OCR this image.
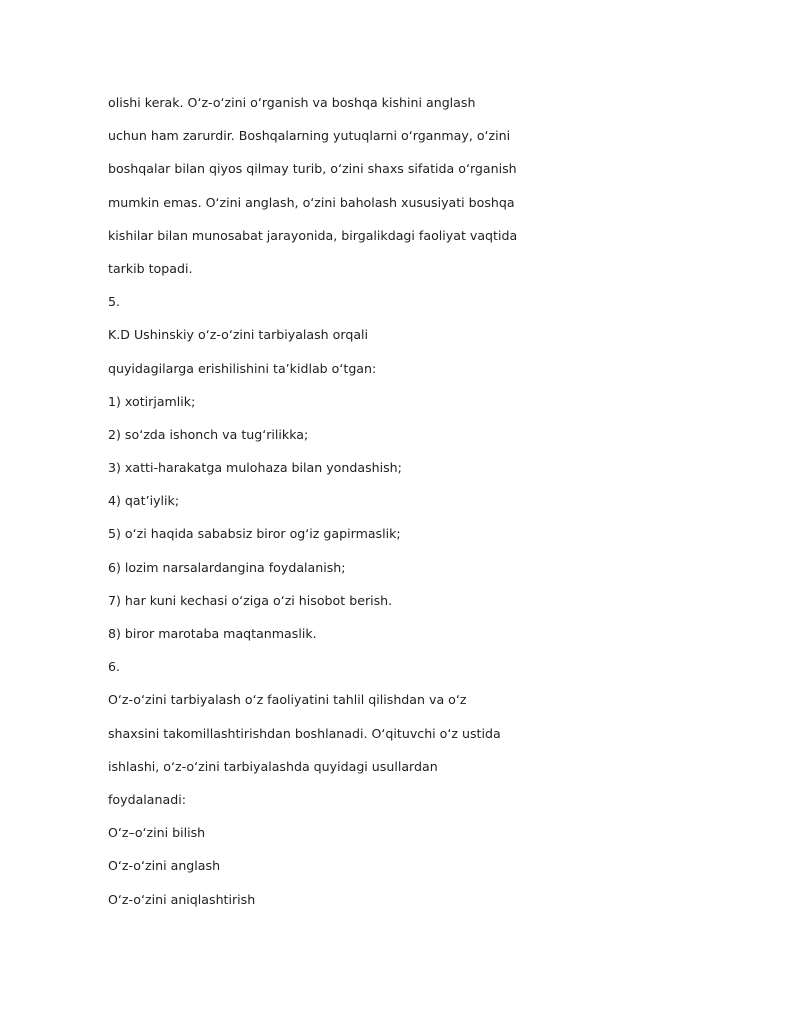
olishi kerak. O‘z-o‘zini o‘rganish va boshqa kishini anglash

uchun ham zarurdir. Boshqalarning yutuqlarni o‘rganmay, o‘zini

boshqalar bilan qiyos qilmay turib, o‘zini shaxs sifatida o‘rganish

mumkin emas. O‘zini anglash, o‘zini baholash xususiyati boshqa

kishilar bilan munosabat jarayonida, birgalikdagi faoliyat vaqtida

tarkib topadi.

5.

K.D Ushinskiy o‘z-o‘zini tarbiyalash orqali

quyidagilarga erishilishini ta’kidlab o‘tgan:

1) xotirjamlik;

2) so‘zda ishonch va tug‘rilikka;

3) xatti-harakatga mulohaza bilan yondashish;

4) qat’iylik;

5) o‘zi haqida sababsiz biror og‘iz gapirmaslik;

6) lozim narsalardangina foydalanish;

7) har kuni kechasi o‘ziga o‘zi hisobot berish.

8) biror marotaba maqtanmaslik.

6.

O‘z-o‘zini tarbiyalash o‘z faoliyatini tahlil qilishdan va o‘z

shaxsini takomillashtirishdan boshlanadi. O‘qituvchi o‘z ustida

ishlashi, o‘z-o‘zini tarbiyalashda quyidagi usullardan

foydalanadi:

O‘z–o‘zini bilish

O‘z-o‘zini anglash

O‘z-o‘zini aniqlashtirish
